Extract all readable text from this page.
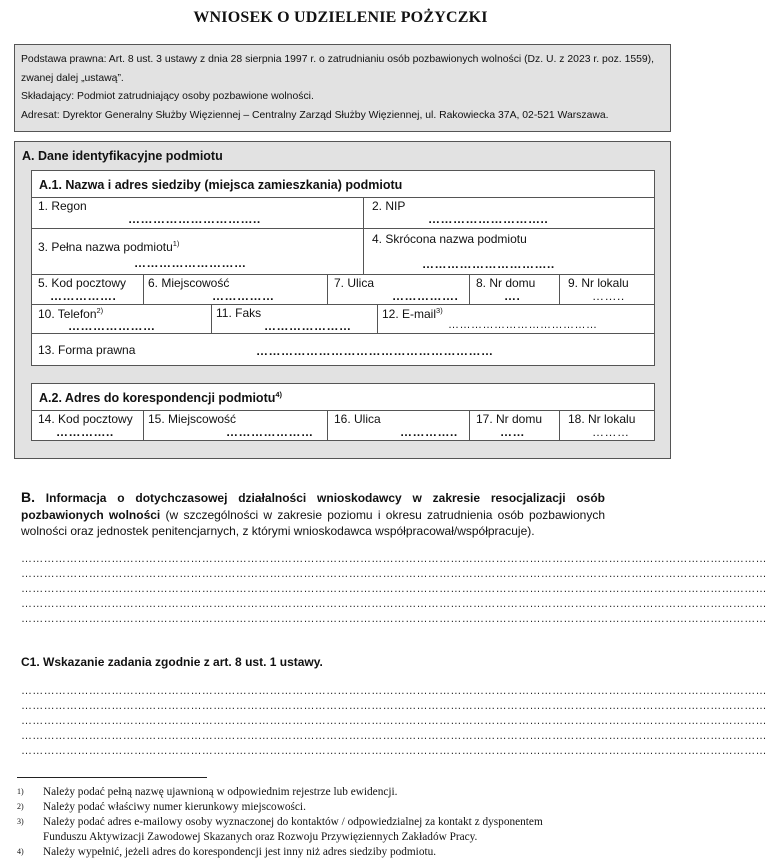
WNIOSEK O UDZIELENIE POŻYCZKI
Podstawa prawna: Art. 8 ust. 3 ustawy z dnia 28 sierpnia 1997 r. o zatrudnianiu osób pozbawionych wolności (Dz. U. z 2023 r. poz. 1559),
zwanej dalej „ustawą”.
Składający: Podmiot zatrudniający osoby pozbawione wolności.
Adresat: Dyrektor Generalny Służby Więziennej – Centralny Zarząd Służby Więziennej, ul. Rakowiecka 37A, 02-521 Warszawa.
A. Dane identyfikacyjne podmiotu
A.1. Nazwa i adres siedziby (miejsca zamieszkania) podmiotu
1. Regon
…………………………..
2. NIP
………………………..
3. Pełna nazwa podmiotu$^{1)}$
………………………
4. Skrócona nazwa podmiotu
…………………………..
5. Kod pocztowy
…………….
6. Miejscowość
……………
7. Ulica
…………….
8. Nr domu
….
9. Nr lokalu
……..
10. Telefon$^{2)}$
…………………
11. Faks
…………………
12. E-mail$^{3)}$
…………………………………
13. Forma prawna	…………………………………………………
A.2. Adres do korespondencji podmiotu$^{4)}$
14. Kod pocztowy
…………..
15. Miejscowość
…………………
16. Ulica
…………..
17. Nr domu
……
18. Nr lokalu
………
B. Informacja o dotychczasowej działalności wnioskodawcy w zakresie resocjalizacji osób pozbawionych wolności (w szczególności w zakresie poziomu i okresu zatrudnienia osób pozbawionych wolności oraz jednostek penitencjarnych, z którymi wnioskodawca współpracował/współpracuje).
………………………………………………………………………………………………………………………………………………………………………………
………………………………………………………………………………………………………………………………………………………………………………
………………………………………………………………………………………………………………………………………………………………………………
………………………………………………………………………………………………………………………………………………………………………………
………………………………………………………………………………………………………………………………………………………………………………
C1. Wskazanie zadania zgodnie z art. 8 ust. 1 ustawy.
………………………………………………………………………………………………………………………………………………………………………………
………………………………………………………………………………………………………………………………………………………………………………
………………………………………………………………………………………………………………………………………………………………………………
………………………………………………………………………………………………………………………………………………………………………………
………………………………………………………………………………………………………………………………………………………………………………
1) Należy podać pełną nazwę ujawnioną w odpowiednim rejestrze lub ewidencji.
2) Należy podać właściwy numer kierunkowy miejscowości.
3) Należy podać adres e-mailowy osoby wyznaczonej do kontaktów / odpowiedzialnej za kontakt z dysponentem
Funduszu Aktywizacji Zawodowej Skazanych oraz Rozwoju Przywięziennych Zakładów Pracy.
4) Należy wypełnić, jeżeli adres do korespondencji jest inny niż adres siedziby podmiotu.
